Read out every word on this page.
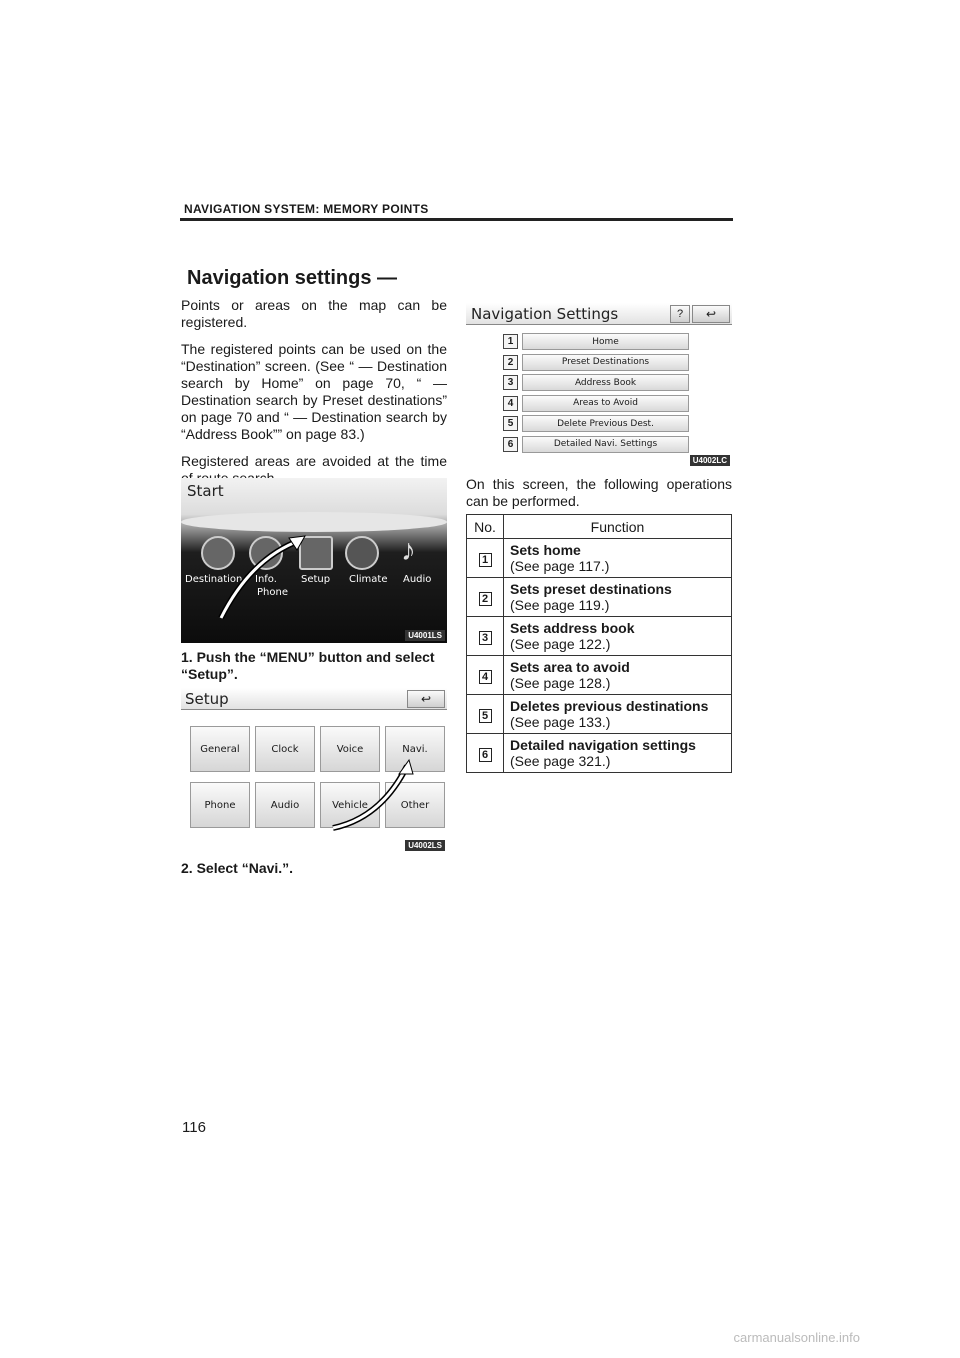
NAVIGATION SYSTEM: MEMORY POINTS
Navigation settings —

Points or areas on the map can be registered.

The registered points can be used on the “Destination” screen. (See “ — Destination search by Home” on page 70, “ — Destination search by Preset destinations” on page 70 and “ — Destination search by “Address Book”” on page 83.)

Registered areas are avoided at the time

Start
♪
Destination Info.
Phone
Setup Climate Audio
U4001LS
1. Push the “MENU” button and select “Setup”.
Setup	↩
General	Clock	Voice	Navi.
Phone	Audio	Vehicle	Other
U4002LS
2. Select “Navi.”.
Navigation Settings	?	↩
1	Home
2	Preset Destinations
3	Address Book
4	Areas to Avoid
5	Delete Previous Dest.
6	Detailed Navi. Settings
U4002LC
On this screen, the following operations can be performed.
No.	Function
1	Sets home
(See page 117.)

2	Sets preset destinations
(See page 119.)

3	Sets address book
(See page 122.)

4	Sets area to avoid
(See page 128.)

5	Deletes previous destinations
(See page 133.)

6	Detailed navigation settings
(See page 321.)
116
carmanualsonline.info
